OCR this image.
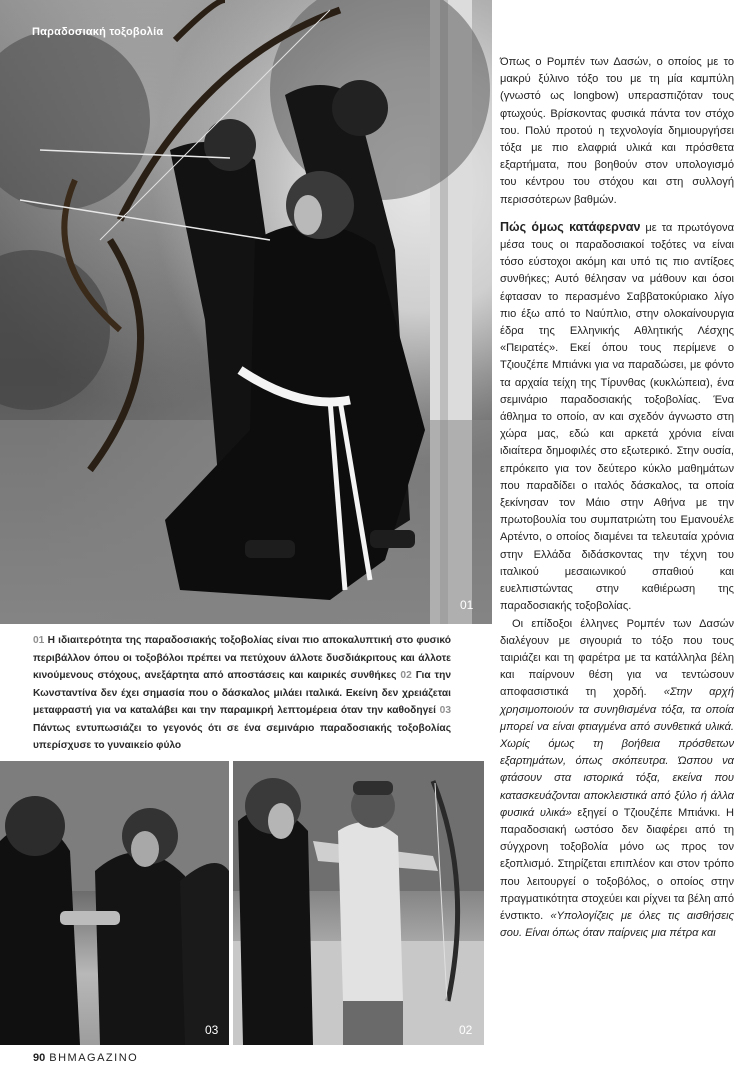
Παραδοσιακή τοξοβολία
01
01 Η ιδιαιτερότητα της παραδοσιακής τοξοβολίας είναι πιο αποκαλυπτική στο φυσικό περιβάλλον όπου οι τοξοβόλοι πρέπει να πετύχουν άλλοτε δυσδιάκριτους και άλλοτε κινούμενους στόχους, ανεξάρτητα από αποστάσεις και καιρικές συνθήκες 02 Για την Κωνσταντίνα δεν έχει σημασία που ο δάσκαλος μιλάει ιταλικά. Εκείνη δεν χρειάζεται μεταφραστή για να καταλάβει και την παραμικρή λεπτομέρεια όταν την καθοδηγεί 03 Πάντως εντυπωσιάζει το γεγονός ότι σε ένα σεμινάριο παραδοσιακής τοξοβολίας υπερίσχυσε το γυναικείο φύλο
03	02

Όπως ο Ρομπέν των Δασών, ο οποίος με το μακρύ ξύλινο τόξο του με τη μία καμπύλη (γνωστό ως longbow) υπερασπιζόταν τους φτωχούς. Βρίσκοντας φυσικά πάντα τον στόχο του. Πολύ προτού η τεχνολογία δημιουργήσει τόξα με πιο ελαφριά υλικά και πρόσθετα εξαρτήματα, που βοηθούν στον υπολογισμό του κέντρου του στόχου και στη συλλογή περισσότερων βαθμών.

Πώς όμως κατάφερναν με τα πρωτόγονα μέσα τους οι παραδοσιακοί τοξότες να είναι τόσο εύστοχοι ακόμη και υπό τις πιο αντίξοες συνθήκες; Αυτό θέλησαν να μάθουν και όσοι έφτασαν το περασμένο Σαββατοκύριακο λίγο πιο έξω από το Ναύπλιο, στην ολοκαίνουργια έδρα της Ελληνικής Αθλητικής Λέσχης «Πειρατές». Εκεί όπου τους περίμενε ο Τζιουζέπε Μπιάνκι για να παραδώσει, με φόντο τα αρχαία τείχη της Τίρυνθας (κυκλώπεια), ένα σεμινάριο παραδοσιακής τοξοβολίας. Ένα άθλημα το οποίο, αν και σχεδόν άγνωστο στη χώρα μας, εδώ και αρκετά χρόνια είναι ιδιαίτερα δημοφιλές στο εξωτερικό. Στην ουσία, επρόκειτο για τον δεύτερο κύκλο μαθημάτων που παραδίδει ο ιταλός δάσκαλος, τα οποία ξεκίνησαν τον Μάιο στην Αθήνα με την πρωτοβουλία του συμπατριώτη του Εμανουέλε Αρτέντο, ο οποίος διαμένει τα τελευταία χρόνια στην Ελλάδα διδάσκοντας την τέχνη του ιταλικού μεσαιωνικού σπαθιού και ευελπιστώντας στην καθιέρωση της παραδοσιακής τοξοβολίας.

Οι επίδοξοι έλληνες Ρομπέν των Δασών διαλέγουν με σιγουριά το τόξο που τους ταιριάζει και τη φαρέτρα με τα κατάλληλα βέλη και παίρνουν θέση για να τεντώσουν αποφασιστικά τη χορδή. «Στην αρχή χρησιμοποιούν τα συνηθισμένα τόξα, τα οποία μπορεί να είναι φτιαγμένα από συνθετικά υλικά. Χωρίς όμως τη βοήθεια πρόσθετων εξαρτημάτων, όπως σκόπευτρα. Ώσπου να φτάσουν στα ιστορικά τόξα, εκείνα που κατασκευάζονται αποκλειστικά από ξύλο ή άλλα φυσικά υλικά» εξηγεί ο Τζιουζέπε Μπιάνκι. Η παραδοσιακή ωστόσο δεν διαφέρει από τη σύγχρονη τοξοβολία μόνο ως προς τον εξοπλισμό. Στηρίζεται επιπλέον και στον τρόπο που λειτουργεί ο τοξοβόλος, ο οποίος στην πραγματικότητα στοχεύει και ρίχνει τα βέλη από ένστικτο. «Υπολογίζεις με όλες τις αισθήσεις σου. Είναι όπως όταν παίρνεις μια πέτρα και

90 ΒΗMAGAZINO
